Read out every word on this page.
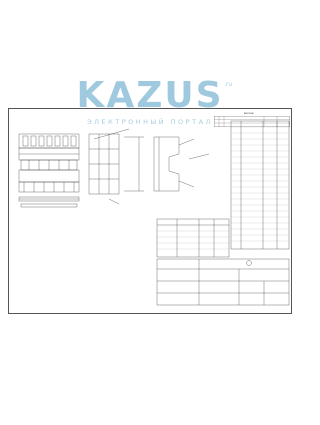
REVISIONS
KAZUS .ru
ЭЛЕКТРОННЫЙ ПОРТАЛ
